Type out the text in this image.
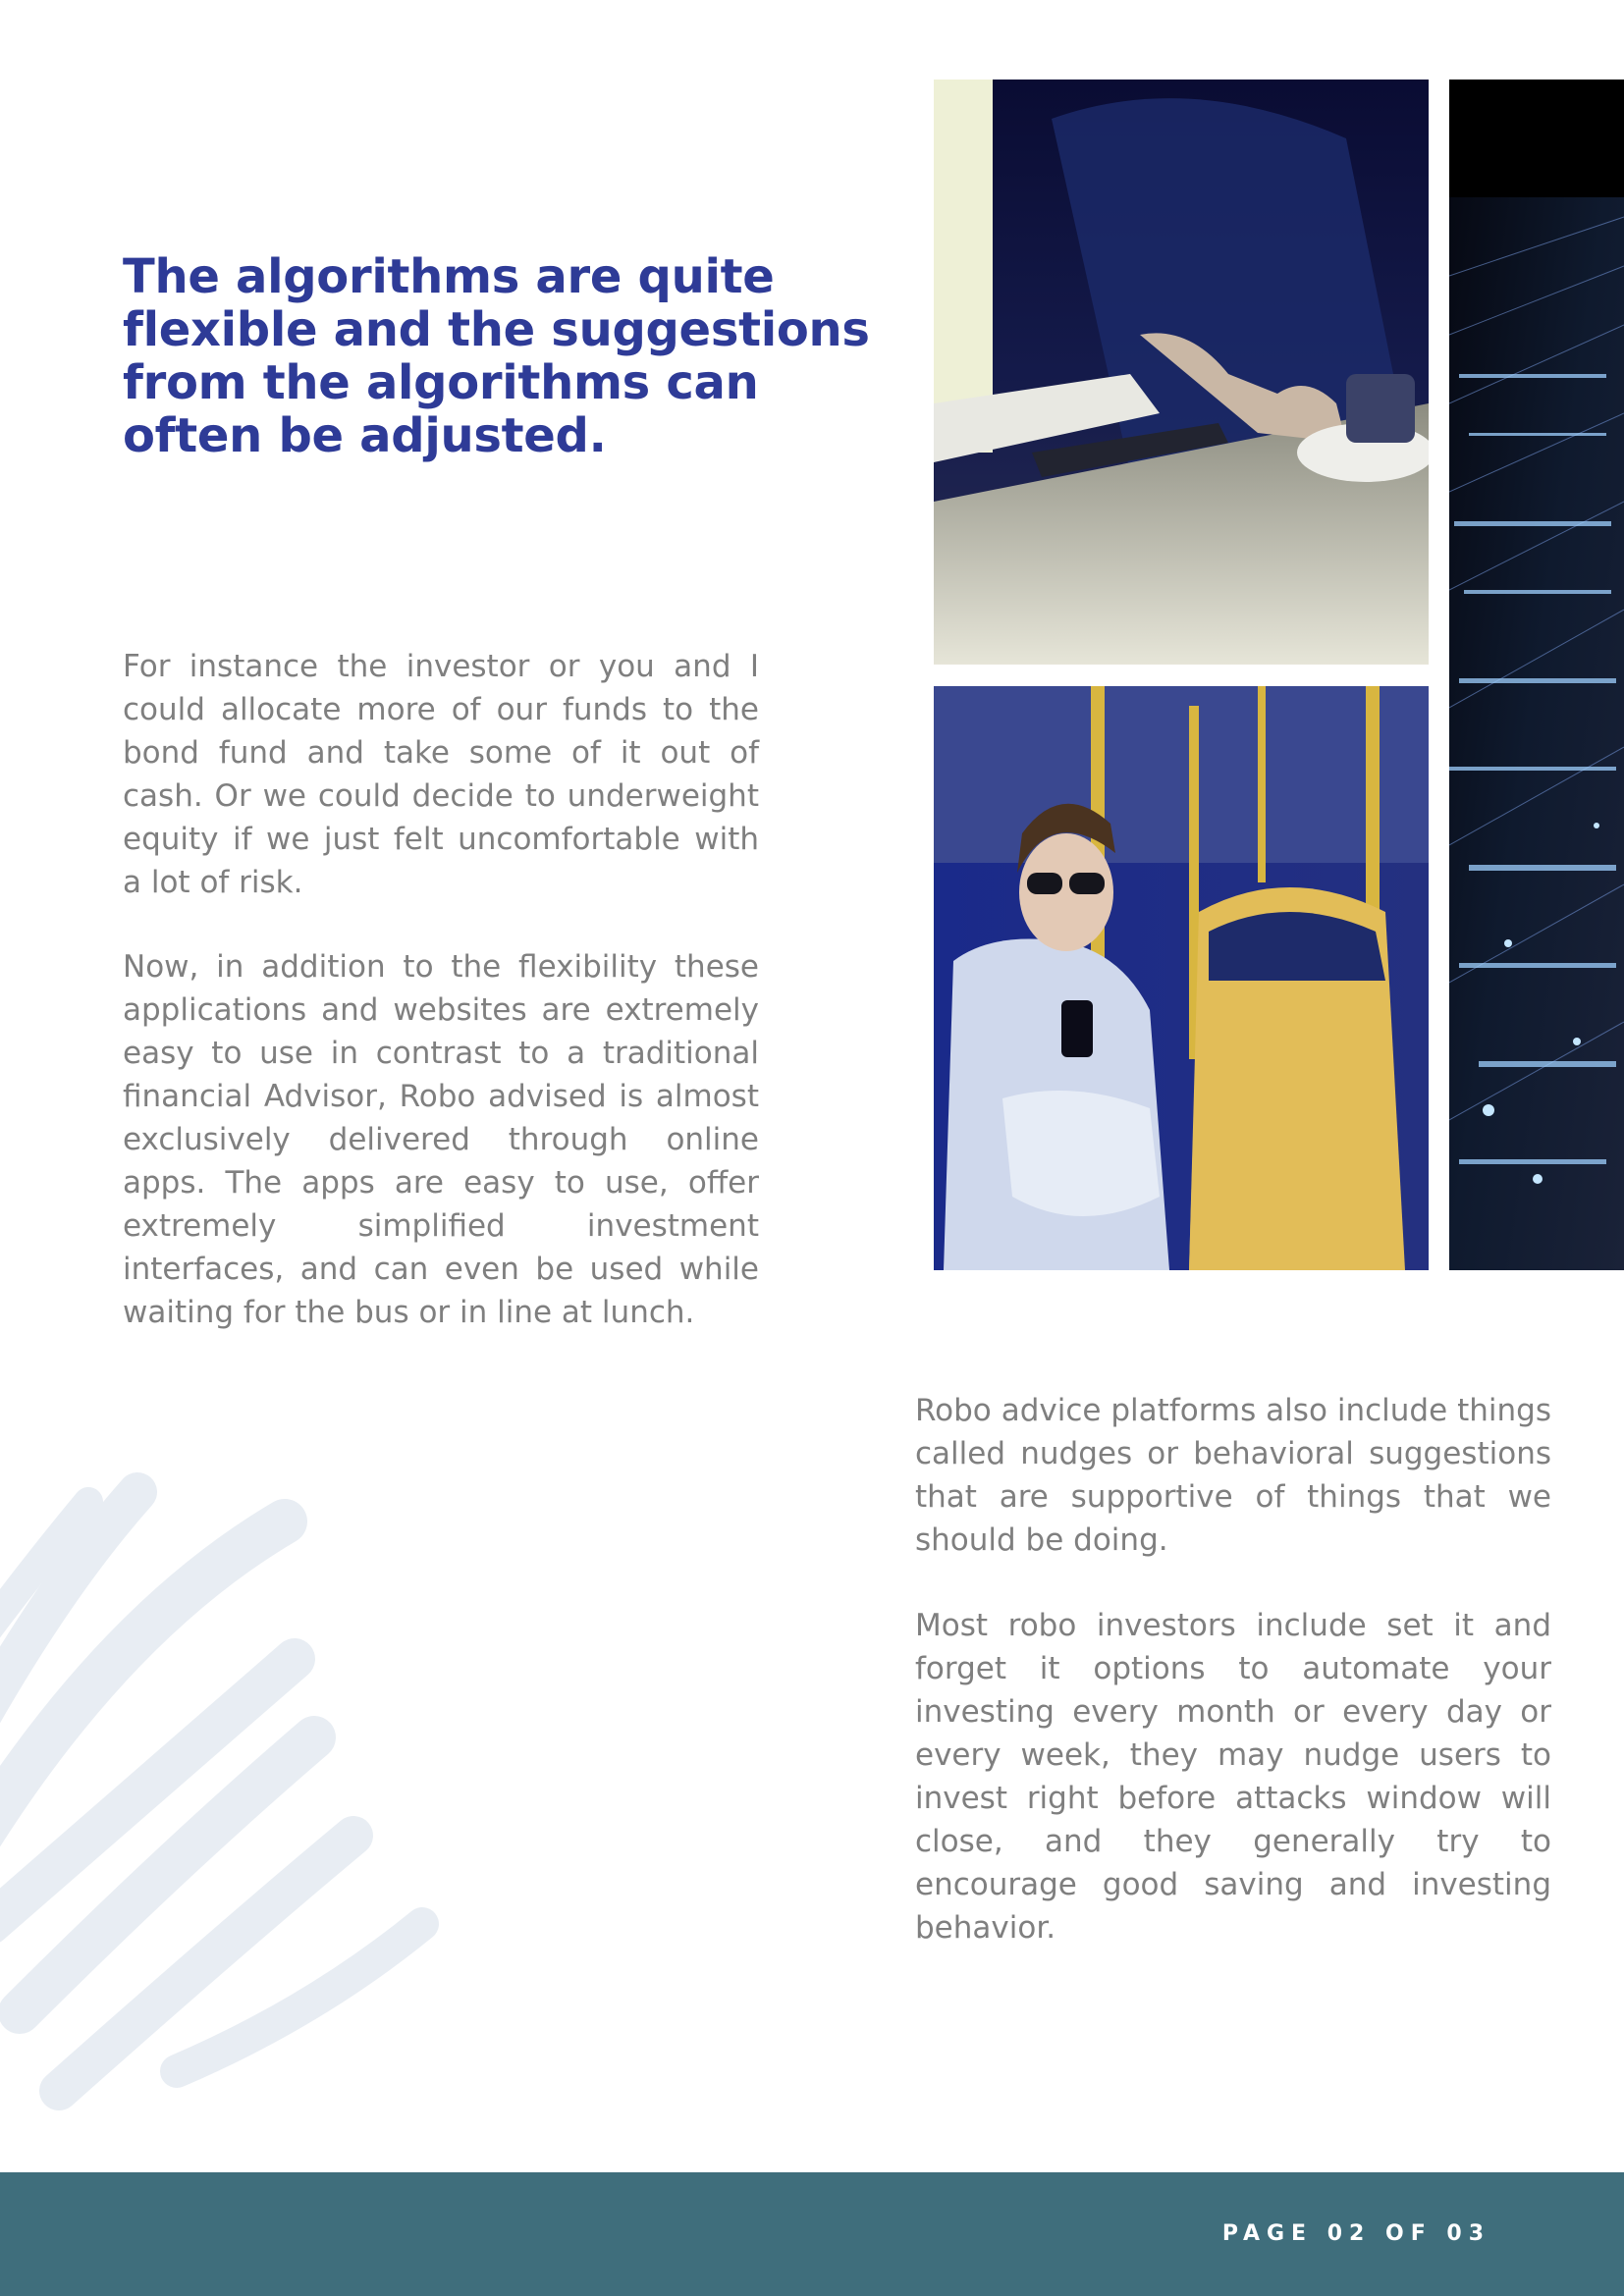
The algorithms are quite flexible and the suggestions from the algorithms can often be adjusted.

For instance the investor or you and I could allocate more of our funds to the bond fund and take some of it out of cash. Or we could decide to underweight equity if we just felt uncomfortable with a lot of risk.

Now, in addition to the flexibility these applications and websites are extremely easy to use in contrast to a traditional financial Advisor, Robo advised is almost exclusively delivered through online apps. The apps are easy to use, offer extremely simplified investment interfaces, and can even be used while waiting for the bus or in line at lunch.

Robo advice platforms also include things called nudges or behavioral suggestions that are supportive of things that we should be doing.

Most robo investors include set it and forget it options to automate your investing every month or every day or every week, they may nudge users to invest right before attacks window will close, and they generally try to encourage good saving and investing behavior.

PAGE 02 OF 03
